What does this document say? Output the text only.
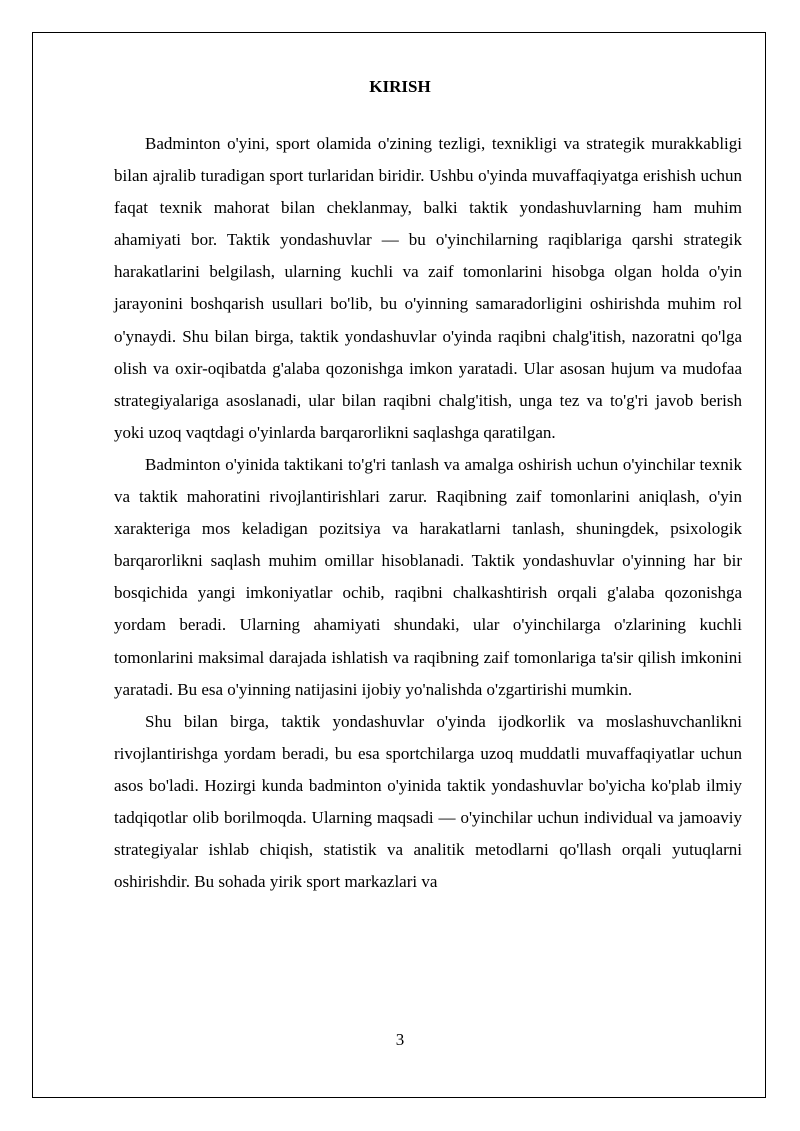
KIRISH

Badminton o'yini, sport olamida o'zining tezligi, texnikligi va strategik murakkabligi bilan ajralib turadigan sport turlaridan biridir. Ushbu o'yinda muvaffaqiyatga erishish uchun faqat texnik mahorat bilan cheklanmay, balki taktik yondashuvlarning ham muhim ahamiyati bor. Taktik yondashuvlar — bu o'yinchilarning raqiblariga qarshi strategik harakatlarini belgilash, ularning kuchli va zaif tomonlarini hisobga olgan holda o'yin jarayonini boshqarish usullari bo'lib, bu o'yinning samaradorligini oshirishda muhim rol o'ynaydi. Shu bilan birga, taktik yondashuvlar o'yinda raqibni chalg'itish, nazoratni qo'lga olish va oxir-oqibatda g'alaba qozonishga imkon yaratadi. Ular asosan hujum va mudofaa strategiyalariga asoslanadi, ular bilan raqibni chalg'itish, unga tez va to'g'ri javob berish yoki uzoq vaqtdagi o'yinlarda barqarorlikni saqlashga qaratilgan.

Badminton o'yinida taktikani to'g'ri tanlash va amalga oshirish uchun o'yinchilar texnik va taktik mahoratini rivojlantirishlari zarur. Raqibning zaif tomonlarini aniqlash, o'yin xarakteriga mos keladigan pozitsiya va harakatlarni tanlash, shuningdek, psixologik barqarorlikni saqlash muhim omillar hisoblanadi. Taktik yondashuvlar o'yinning har bir bosqichida yangi imkoniyatlar ochib, raqibni chalkashtirish orqali g'alaba qozonishga yordam beradi. Ularning ahamiyati shundaki, ular o'yinchilarga o'zlarining kuchli tomonlarini maksimal darajada ishlatish va raqibning zaif tomonlariga ta'sir qilish imkonini yaratadi. Bu esa o'yinning natijasini ijobiy yo'nalishda o'zgartirishi mumkin.

Shu bilan birga, taktik yondashuvlar o'yinda ijodkorlik va moslashuvchanlikni rivojlantirishga yordam beradi, bu esa sportchilarga uzoq muddatli muvaffaqiyatlar uchun asos bo'ladi. Hozirgi kunda badminton o'yinida taktik yondashuvlar bo'yicha ko'plab ilmiy tadqiqotlar olib borilmoqda. Ularning maqsadi — o'yinchilar uchun individual va jamoaviy strategiyalar ishlab chiqish, statistik va analitik metodlarni qo'llash orqali yutuqlarni oshirishdir. Bu sohada yirik sport markazlari va

3
